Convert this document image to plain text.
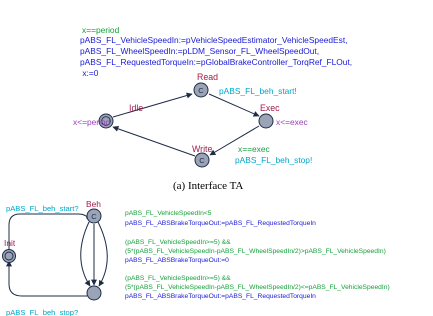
x==period
pABS_FL_VehicleSpeedIn:=pVehicleSpeedEstimator_VehicleSpeedEst,
pABS_FL_WheelSpeedIn:=pLDM_Sensor_FL_WheelSpeedOut,
pABS_FL_RequestedTorqueIn:=pGlobalBrakeController_TorqRef_FLOut,
x:=0
C
C
Read
Idle	Exec
Write
pABS_FL_beh_start!
x<=period	x<=exec
x==exec
pABS_FL_beh_stop!
(a) Interface TA
C
pABS_FL_beh_start? Beh
Init
pABS_FL_beh_stop?
pABS_FL_VehicleSpeedIn<5
pABS_FL_ABSBrakeTorqueOut:=pABS_FL_RequestedTorqueIn
(pABS_FL_VehicleSpeedIn>=5) &&
(5*(pABS_FL_VehicleSpeedIn-pABS_FL_WheelSpeedIn/2)>pABS_FL_VehicleSpeedIn)
pABS_FL_ABSBrakeTorqueOut:=0
(pABS_FL_VehicleSpeedIn>=5) &&
(5*(pABS_FL_VehicleSpeedIn-pABS_FL_WheelSpeedIn/2)<=pABS_FL_VehicleSpeedIn)
pABS_FL_ABSBrakeTorqueOut:=pABS_FL_RequestedTorqueIn
